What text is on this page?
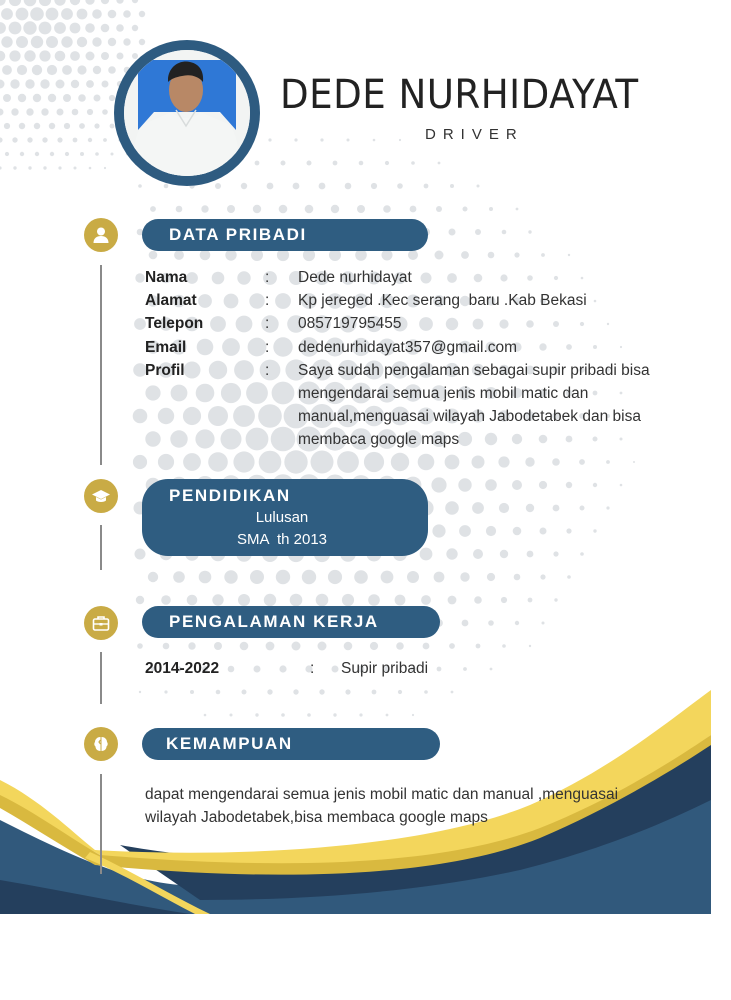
DEDE NURHIDAYAT
DRIVER
DATA PRIBADI
Nama	:	Dede nurhidayat
Alamat	:	Kp jereged .Kec serang  baru .Kab Bekasi
Telepon	:	085719795455
Email	:	dedenurhidayat357@gmail.com
Profil	:	Saya sudah pengalaman sebagai supir pribadi bisa mengendarai semua jenis mobil matic dan manual,menguasai wilayah Jabodetabek dan bisa membaca google maps
PENDIDIKAN
Lulusan
SMA  th 2013
PENGALAMAN KERJA
2014-2022	:	Supir pribadi
KEMAMPUAN
dapat mengendarai semua jenis mobil matic dan manual ,menguasai wilayah Jabodetabek,bisa membaca google maps
